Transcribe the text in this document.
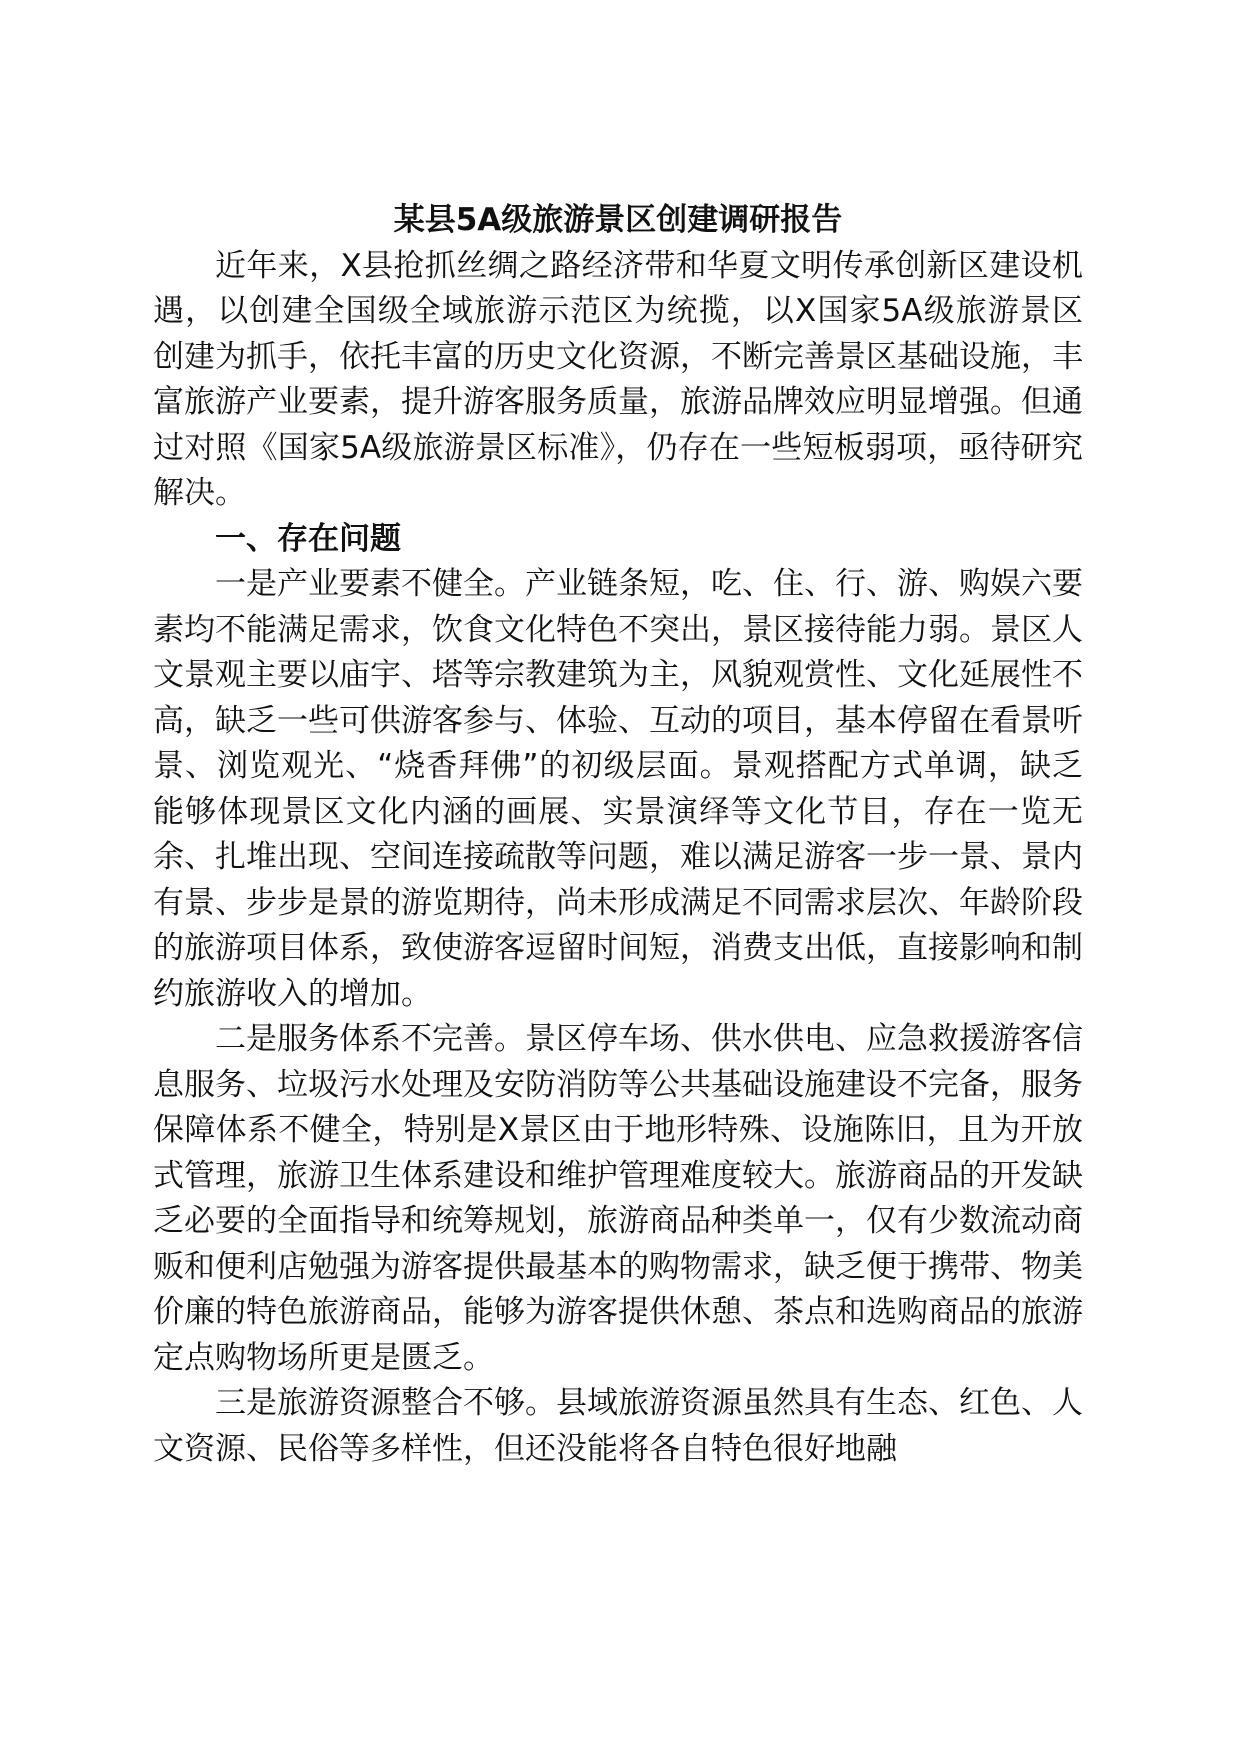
某县5A级旅游景区创建调研报告

近年来，X县抢抓丝绸之路经济带和华夏文明传承创新区建设机遇，以创建全国级全域旅游示范区为统揽，以X国家5A级旅游景区创建为抓手，依托丰富的历史文化资源，不断完善景区基础设施，丰富旅游产业要素，提升游客服务质量，旅游品牌效应明显增强。但通过对照《国家5A级旅游景区标准》，仍存在一些短板弱项，亟待研究解决。

一、存在问题

一是产业要素不健全。产业链条短，吃、住、行、游、购娱六要素均不能满足需求，饮食文化特色不突出，景区接待能力弱。景区人文景观主要以庙宇、塔等宗教建筑为主，风貌观赏性、文化延展性不高，缺乏一些可供游客参与、体验、互动的项目，基本停留在看景听景、浏览观光、“烧香拜佛”的初级层面。景观搭配方式单调，缺乏能够体现景区文化内涵的画展、实景演绎等文化节目，存在一览无余、扎堆出现、空间连接疏散等问题，难以满足游客一步一景、景内有景、步步是景的游览期待，尚未形成满足不同需求层次、年龄阶段的旅游项目体系，致使游客逗留时间短，消费支出低，直接影响和制约旅游收入的增加。

二是服务体系不完善。景区停车场、供水供电、应急救援游客信息服务、垃圾污水处理及安防消防等公共基础设施建设不完备，服务保障体系不健全，特别是X景区由于地形特殊、设施陈旧，且为开放式管理，旅游卫生体系建设和维护管理难度较大。旅游商品的开发缺乏必要的全面指导和统筹规划，旅游商品种类单一，仅有少数流动商贩和便利店勉强为游客提供最基本的购物需求，缺乏便于携带、物美价廉的特色旅游商品，能够为游客提供休憩、茶点和选购商品的旅游定点购物场所更是匮乏。

三是旅游资源整合不够。县域旅游资源虽然具有生态、红色、人文资源、民俗等多样性，但还没能将各自特色很好地融
